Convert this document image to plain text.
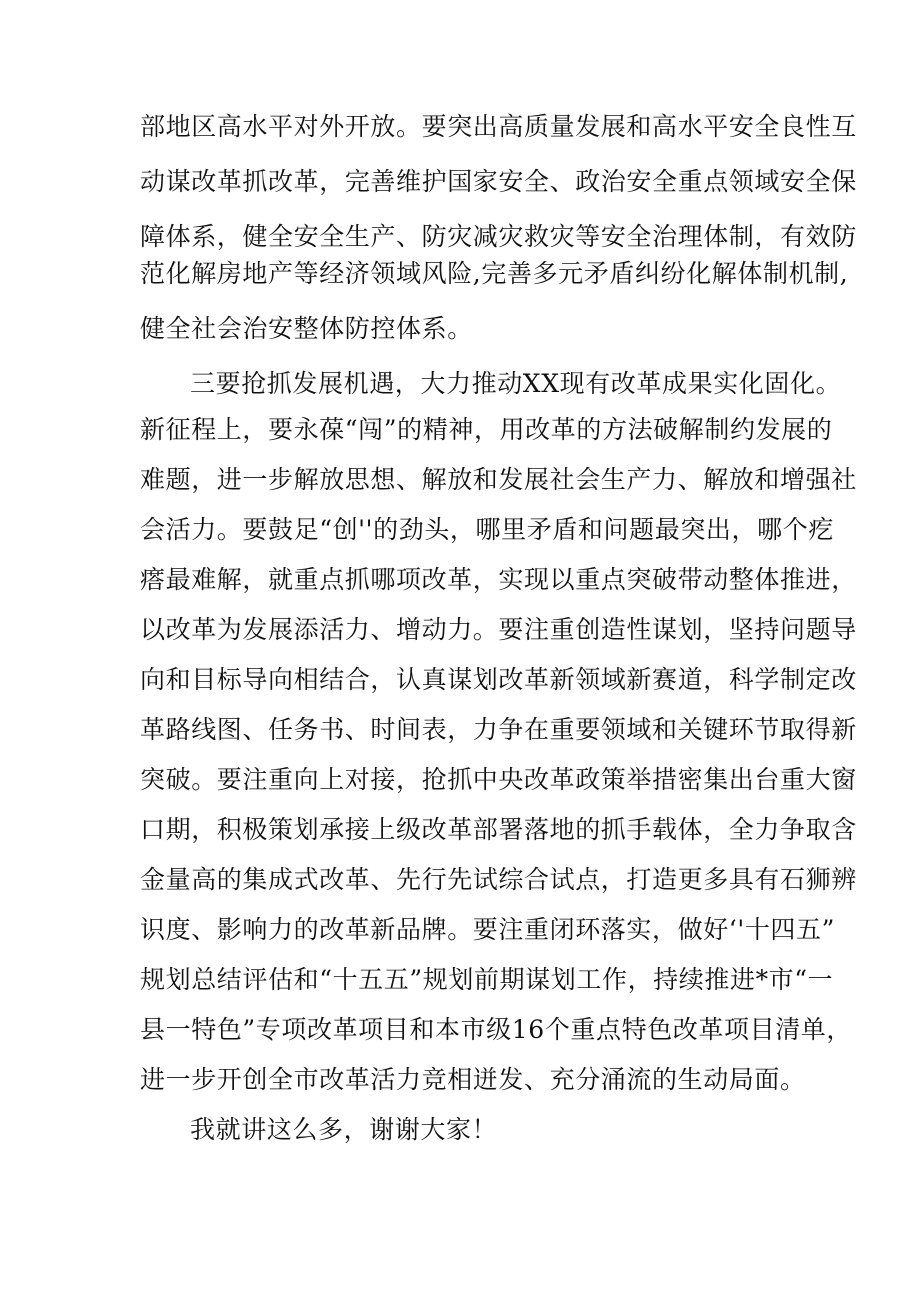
部地区高水平对外开放。要突出高质量发展和高水平安全良性互
动谋改革抓改革，完善维护国家安全、政治安全重点领域安全保
障体系，健全安全生产、防灾减灾救灾等安全治理体制，有效防
范化解房地产等经济领域风险,完善多元矛盾纠纷化解体制机制,
健全社会治安整体防控体系。
三要抢抓发展机遇，大力推动XX现有改革成果实化固化。
新征程上，要永葆“闯”的精神，用改革的方法破解制约发展的
难题，进一步解放思想、解放和发展社会生产力、解放和增强社
会活力。要鼓足“创''的劲头，哪里矛盾和问题最突出，哪个疙
瘩最难解，就重点抓哪项改革，实现以重点突破带动整体推进，
以改革为发展添活力、增动力。要注重创造性谋划，坚持问题导
向和目标导向相结合，认真谋划改革新领域新赛道，科学制定改
革路线图、任务书、时间表，力争在重要领域和关键环节取得新
突破。要注重向上对接，抢抓中央改革政策举措密集出台重大窗
口期，积极策划承接上级改革部署落地的抓手载体，全力争取含
金量高的集成式改革、先行先试综合试点，打造更多具有石狮辨
识度、影响力的改革新品牌。要注重闭环落实，做好‘'十四五”
规划总结评估和“十五五”规划前期谋划工作，持续推进*市“一
县一特色”专项改革项目和本市级16个重点特色改革项目清单，
进一步开创全市改革活力竞相迸发、充分涌流的生动局面。
我就讲这么多，谢谢大家！
